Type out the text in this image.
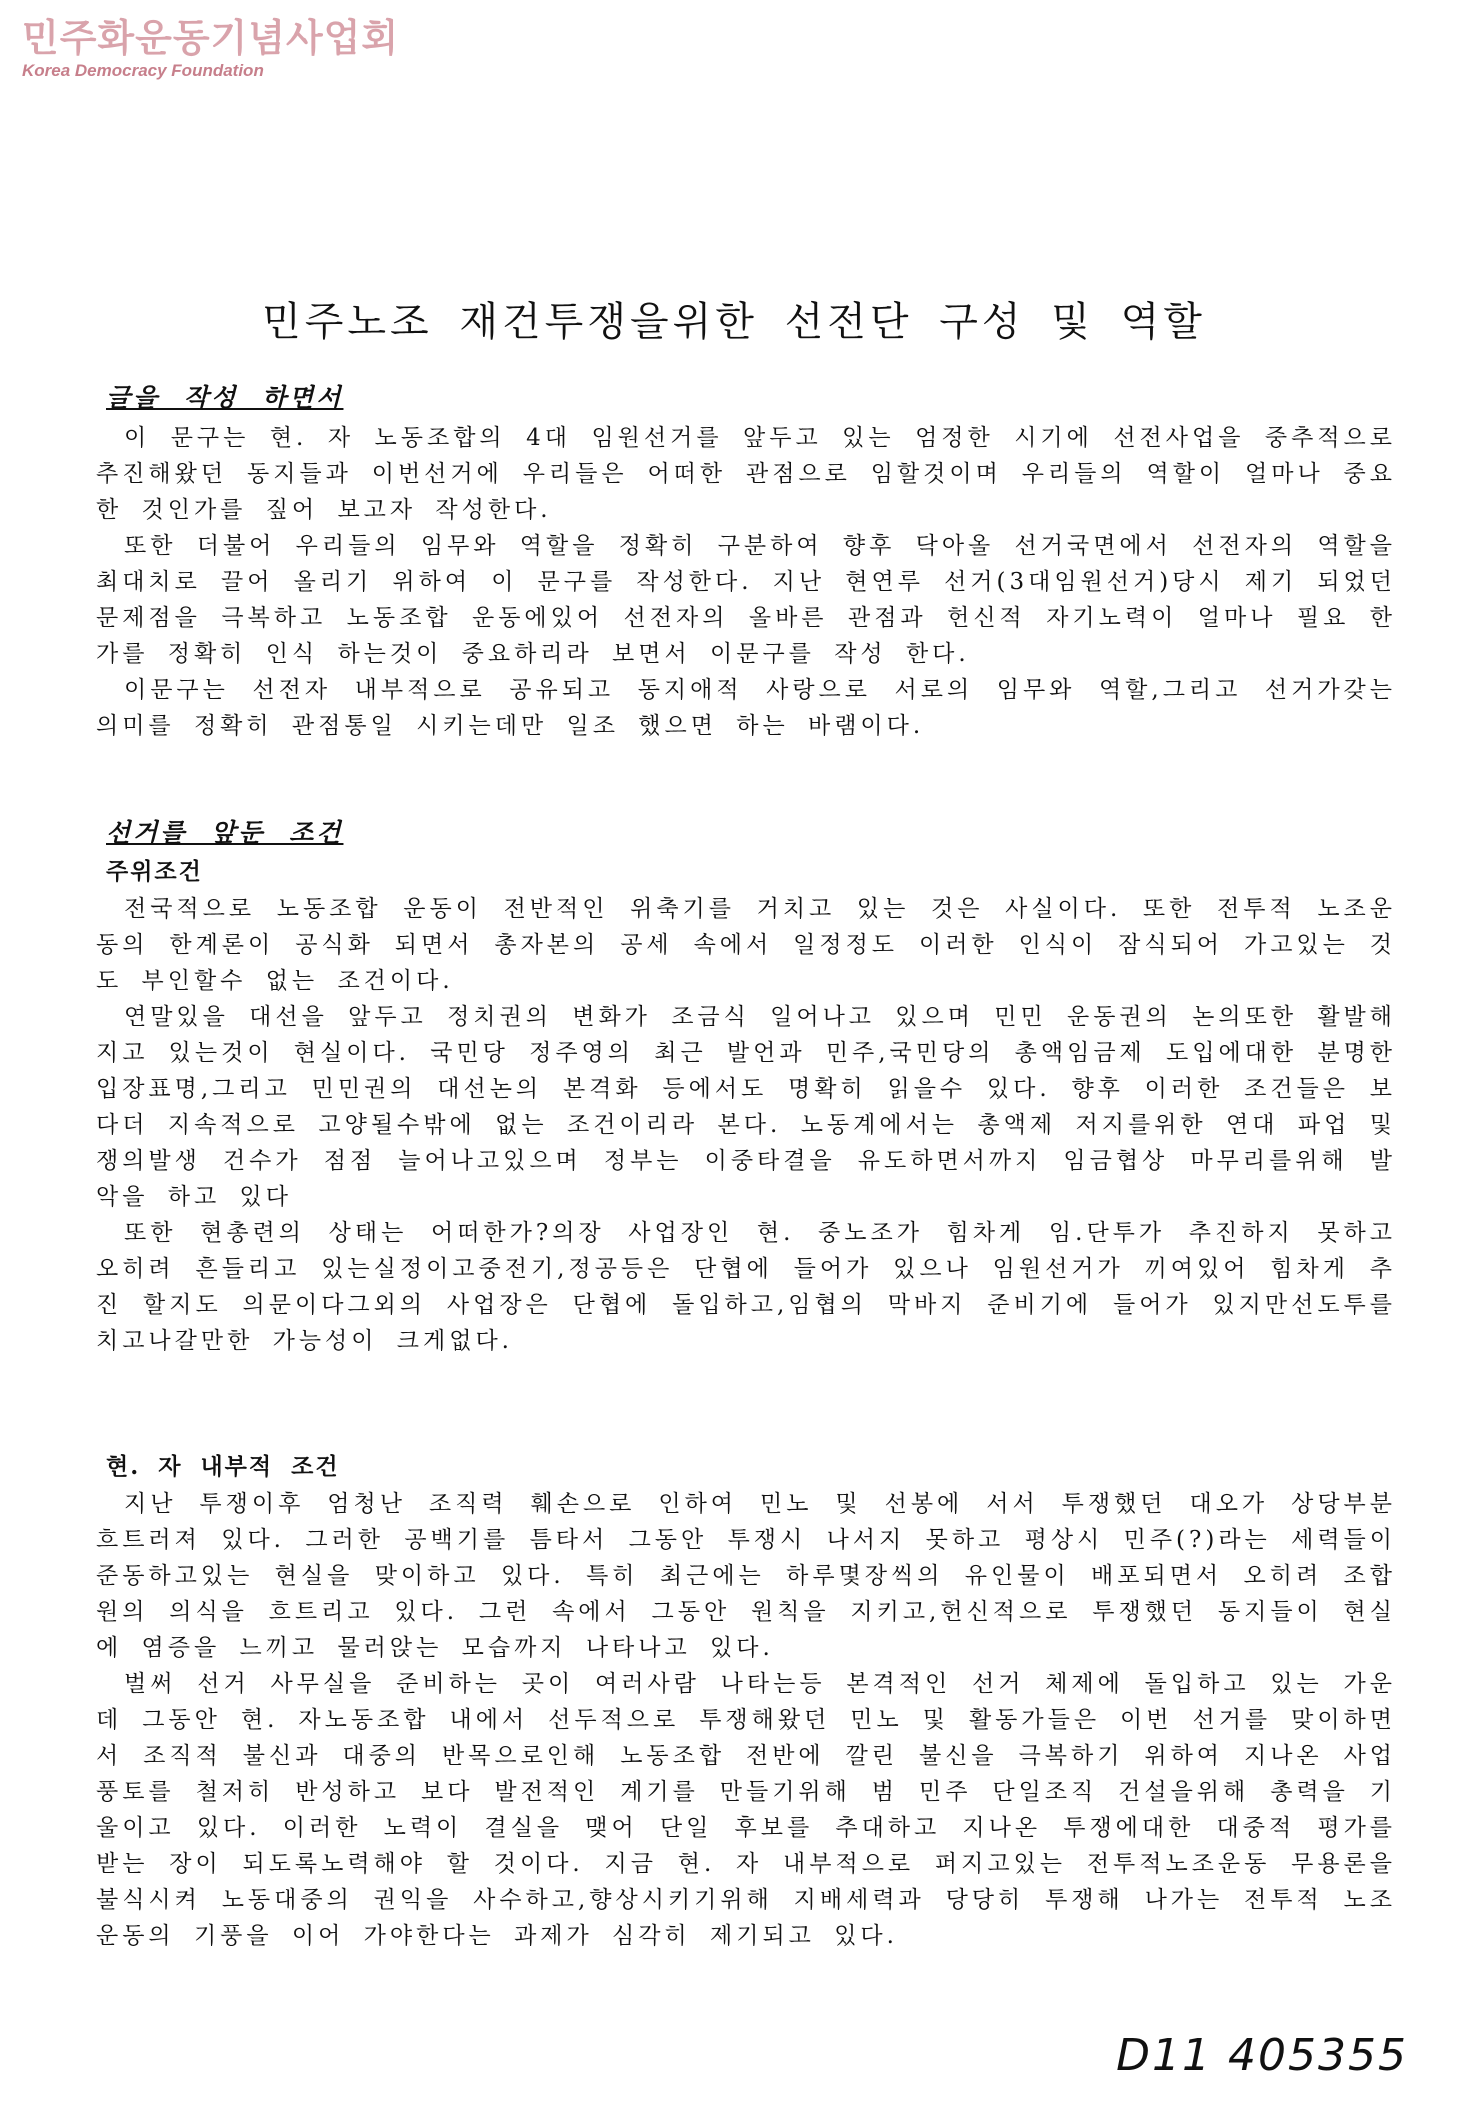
민주화운동기념사업회
Korea Democracy Foundation
민주노조 재건투쟁을위한 선전단 구성 및 역할
글을 작성 하면서

이 문구는 현. 자 노동조합의 4대 임원선거를 앞두고 있는 엄정한 시기에 선전사업을 중추적으로 추진해왔던 동지들과 이번선거에 우리들은 어떠한 관점으로 임할것이며 우리들의 역할이 얼마나 중요한 것인가를 짚어 보고자 작성한다.

또한 더불어 우리들의 임무와 역할을 정확히 구분하여 향후 닥아올 선거국면에서 선전자의 역할을 최대치로 끌어 올리기 위하여 이 문구를 작성한다. 지난 현연루 선거(3대임원선거)당시 제기 되었던 문제점을 극복하고 노동조합 운동에있어 선전자의 올바른 관점과 헌신적 자기노력이 얼마나 필요 한가를 정확히 인식 하는것이 중요하리라 보면서 이문구를 작성 한다.

이문구는 선전자 내부적으로 공유되고 동지애적 사랑으로 서로의 임무와 역할,그리고 선거가갖는 의미를 정확히 관점통일 시키는데만 일조 했으면 하는 바램이다.

선거를 앞둔 조건
주위조건

전국적으로 노동조합 운동이 전반적인 위축기를 거치고 있는 것은 사실이다. 또한 전투적 노조운동의 한계론이 공식화 되면서 총자본의 공세 속에서 일정정도 이러한 인식이 잠식되어 가고있는 것도 부인할수 없는 조건이다.

연말있을 대선을 앞두고 정치권의 변화가 조금식 일어나고 있으며 민민 운동권의 논의또한 활발해지고 있는것이 현실이다. 국민당 정주영의 최근 발언과 민주,국민당의 총액임금제 도입에대한 분명한 입장표명,그리고 민민권의 대선논의 본격화 등에서도 명확히 읽을수 있다. 향후 이러한 조건들은 보다더 지속적으로 고양될수밖에 없는 조건이리라 본다. 노동계에서는 총액제 저지를위한 연대 파업 및 쟁의발생 건수가 점점 늘어나고있으며 정부는 이중타결을 유도하면서까지 임금협상 마무리를위해 발악을 하고 있다

또한 현총련의 상태는 어떠한가?의장 사업장인 현. 중노조가 힘차게 임.단투가 추진하지 못하고 오히려 흔들리고 있는실정이고중전기,정공등은 단협에 들어가 있으나 임원선거가 끼여있어 힘차게 추진 할지도 의문이다그외의 사업장은 단협에 돌입하고,임협의 막바지 준비기에 들어가 있지만선도투를 치고나갈만한 가능성이 크게없다.

현. 자 내부적 조건

지난 투쟁이후 엄청난 조직력 훼손으로 인하여 민노 및 선봉에 서서 투쟁했던 대오가 상당부분 흐트러져 있다. 그러한 공백기를 틈타서 그동안 투쟁시 나서지 못하고 평상시 민주(?)라는 세력들이 준동하고있는 현실을 맞이하고 있다. 특히 최근에는 하루몇장씩의 유인물이 배포되면서 오히려 조합원의 의식을 흐트리고 있다. 그런 속에서 그동안 원칙을 지키고,헌신적으로 투쟁했던 동지들이 현실에 염증을 느끼고 물러앉는 모습까지 나타나고 있다.

벌써 선거 사무실을 준비하는 곳이 여러사람 나타는등 본격적인 선거 체제에 돌입하고 있는 가운데 그동안 현. 자노동조합 내에서 선두적으로 투쟁해왔던 민노 및 활동가들은 이번 선거를 맞이하면서 조직적 불신과 대중의 반목으로인해 노동조합 전반에 깔린 불신을 극복하기 위하여 지나온 사업풍토를 철저히 반성하고 보다 발전적인 계기를 만들기위해 범 민주 단일조직 건설을위해 총력을 기울이고 있다. 이러한 노력이 결실을 맺어 단일 후보를 추대하고 지나온 투쟁에대한 대중적 평가를 받는 장이 되도록노력해야 할 것이다. 지금 현. 자 내부적으로 퍼지고있는 전투적노조운동 무용론을 불식시켜 노동대중의 권익을 사수하고,향상시키기위해 지배세력과 당당히 투쟁해 나가는 전투적 노조운동의 기풍을 이어 가야한다는 과제가 심각히 제기되고 있다.

D11 405355
